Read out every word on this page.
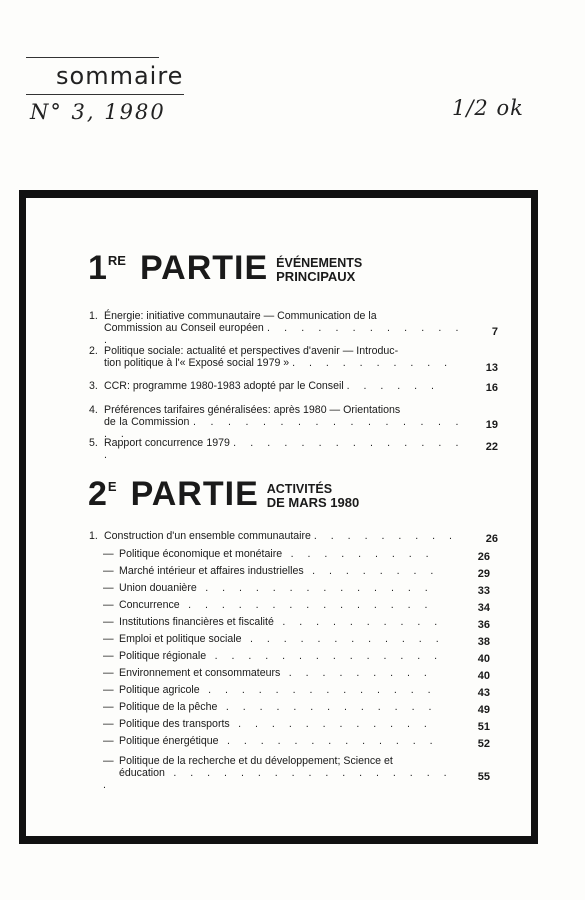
sommaire
N° 3, 1980	1/2 ok
1 RE PARTIE ÉVÉNEMENTS
PRINCIPAUX
1. Énergie: initiative communautaire — Communication de la
Commission au Conseil européen . . . . . . . . . . . . .
7
2. Politique sociale: actualité et perspectives d'avenir — Introduc-
tion politique à l'« Exposé social 1979 » . . . . . . . . . .	13
3. CCR: programme 1980-1983 adopté par le Conseil . . . . . .	16
4. Préférences tarifaires généralisées: après 1980 — Orientations
de la Commission . . . . . . . . . . . . . . . . . .
19
5. Rapport concurrence 1979 . . . . . . . . . . . . . . .
22
2 E PARTIE ACTIVITÉS
DE MARS 1980
1. Construction d'un ensemble communautaire . . . . . . . . .	26
— Politique économique et monétaire . . . . . . . . .	26
— Marché intérieur et affaires industrielles . . . . . . . .	29
— Union douanière . . . . . . . . . . . . . .	33
— Concurrence . . . . . . . . . . . . . . .	34
— Institutions financières et fiscalité . . . . . . . . . .	36
— Emploi et politique sociale . . . . . . . . . . . .	38
— Politique régionale . . . . . . . . . . . . . .	40
— Environnement et consommateurs . . . . . . . . .	40
— Politique agricole . . . . . . . . . . . . . .	43
— Politique de la pêche . . . . . . . . . . . . .	49
— Politique des transports . . . . . . . . . . . .	51
— Politique énergétique . . . . . . . . . . . . .	52
— Politique de la recherche et du développement; Science et
éducation . . . . . . . . . . . . . . . . . .
55
